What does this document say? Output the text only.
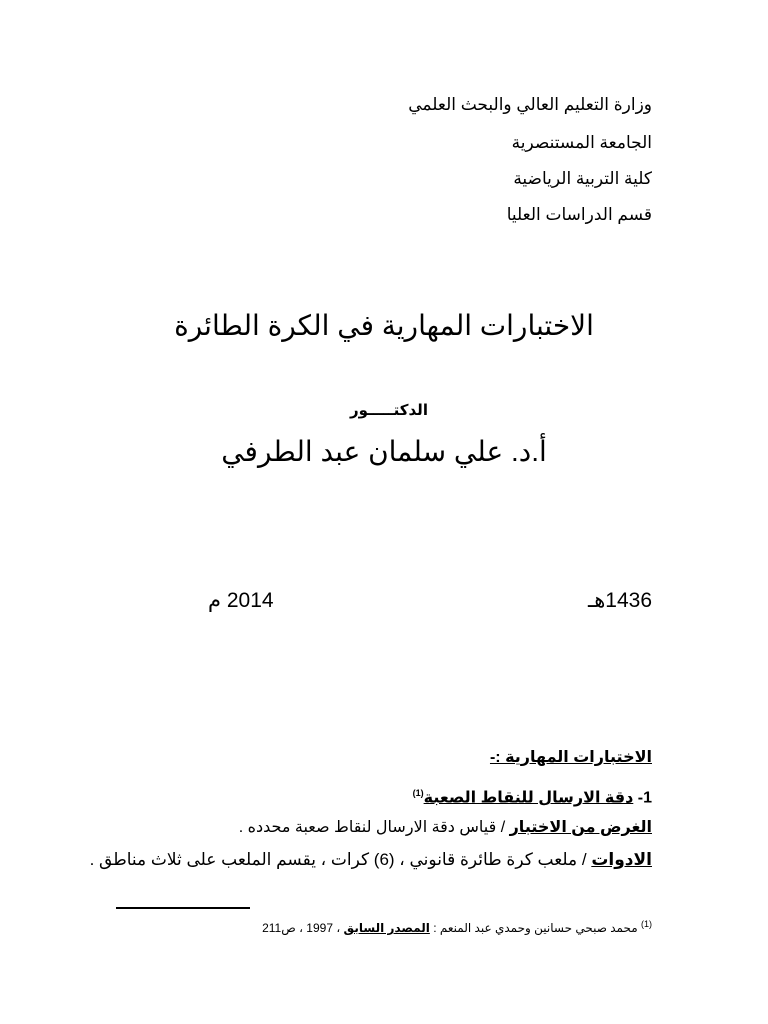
وزارة التعليم العالي والبحث العلمي
الجامعة المستنصرية
كلية التربية الرياضية
قسم الدراسات العليا
الاختبارات المهارية في الكرة الطائرة
الدكتـــــور
أ.د. علي سلمان عبد الطرفي
1436هـ
2014 م
الاختبارات المهارية :-
1- دقة الارسال للنقاط الصعبة$^{(1)}$
الغرض من الاختبار / قياس دقة الارسال لنقاط صعبة محدده .
الادوات / ملعب كرة طائرة قانوني ، (6) كرات ، يقسم الملعب على ثلاث مناطق .
$^{(1)}$ محمد صبحي حسانين وحمدي عبد المنعم : المصدر السابق ، 1997 ، ص211
